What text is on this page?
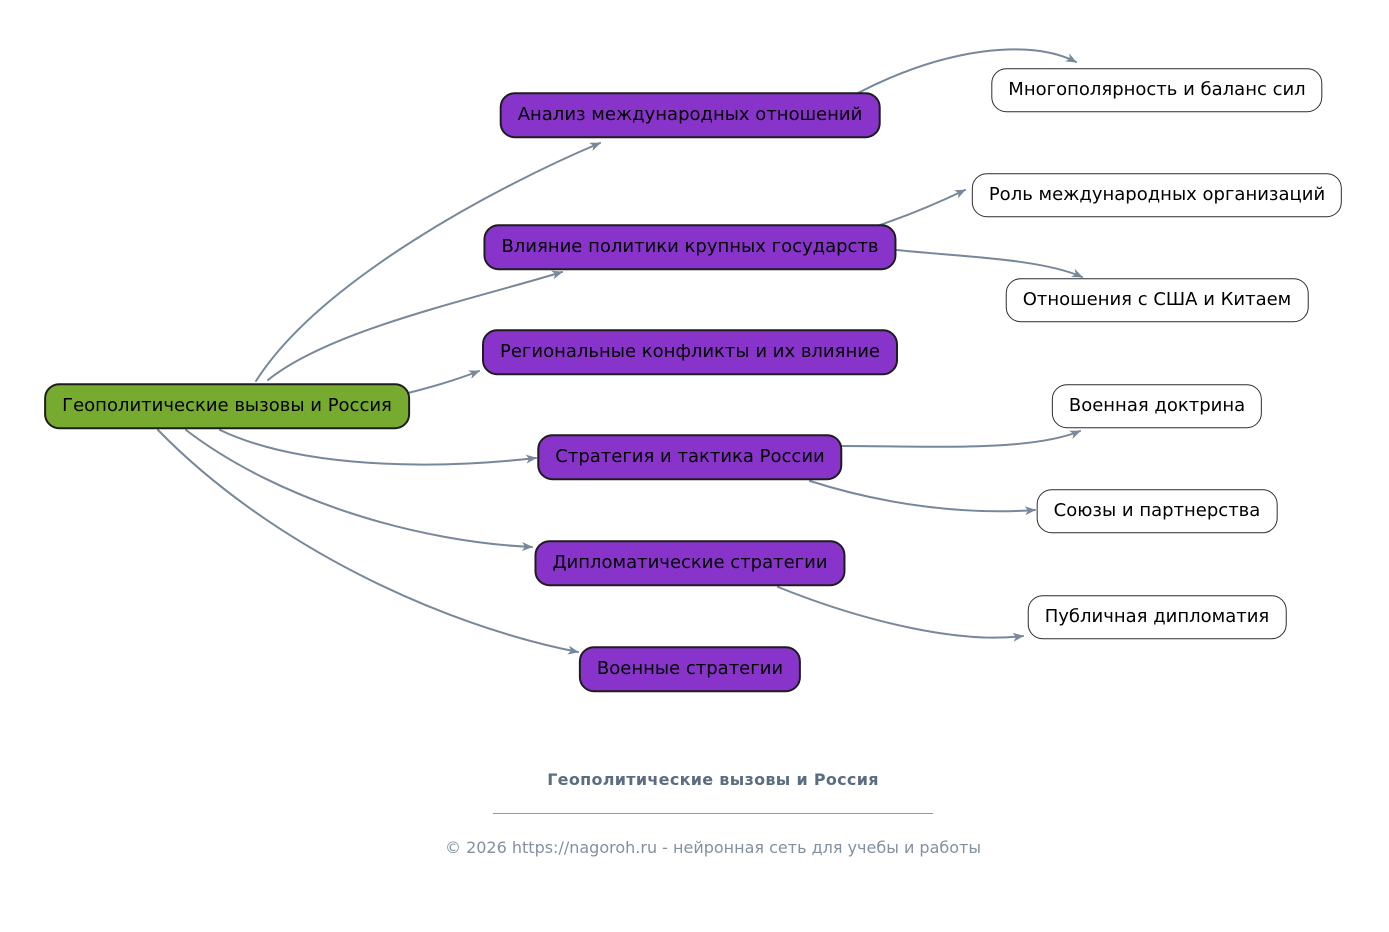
Геополитические вызовы и Россия
Анализ международных отношений
Влияние политики крупных государств
Региональные конфликты и их влияние
Стратегия и тактика России
Дипломатические стратегии
Военные стратегии
Многополярность и баланс сил
Роль международных организаций
Отношения с США и Китаем
Военная доктрина
Союзы и партнерства
Публичная дипломатия
Геополитические вызовы и Россия
© 2026 https://nagoroh.ru - нейронная сеть для учебы и работы
